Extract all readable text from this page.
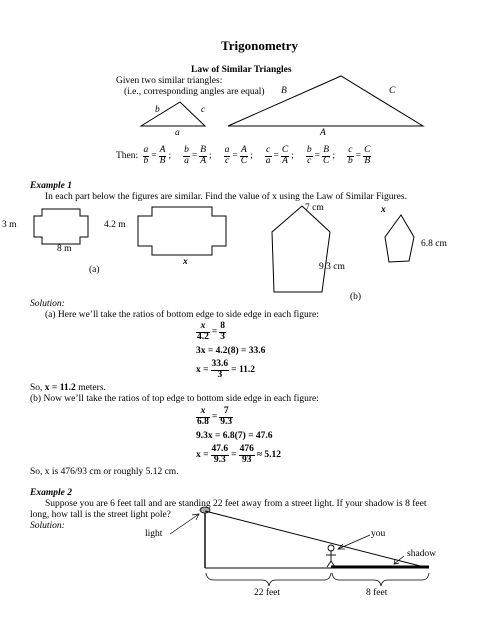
Trigonometry
Law of Similar Triangles
Given two similar triangles:
(i.e., corresponding angles are equal)
b	c
a
B	C
A
Then: $\frac{a}{b} = \frac{A}{B}$ ; $\frac{b}{a} = \frac{B}{A}$ ; $\frac{a}{c} = \frac{A}{C}$ ; $\frac{c}{a} = \frac{C}{A}$ ; $\frac{b}{c} = \frac{B}{C}$ ; $\frac{c}{b} = \frac{C}{B}$
Example 1
In each part below the figures are similar. Find the value of x using the Law of Similar Figures.
3 m
8 m
4.2 m
x
(a)
7 cm
9.3 cm
x
6.8 cm
(b)
Solution:
(a) Here we’ll take the ratios of bottom edge to side edge in each figure:
$\frac{x}{4.2} = \frac{8}{3}$
3x = 4.2(8) = 33.6
$x = \frac{33.6}{3} = 11.2$
So, x = 11.2 meters.
(b) Now we’ll take the ratios of top edge to bottom side edge in each figure:
$\frac{x}{6.8} = \frac{7}{9.3}$
9.3x = 6.8(7) = 47.6
$x = \frac{47.6}{9.3} = \frac{476}{93} \approx 5.12$
So, x is 476/93 cm or roughly 5.12 cm.
Example 2
Suppose you are 6 feet tall and are standing 22 feet away from a street light. If your shadow is 8 feet
long, how tall is the street light pole?
Solution:
light	you
shadow
22 feet	8 feet
